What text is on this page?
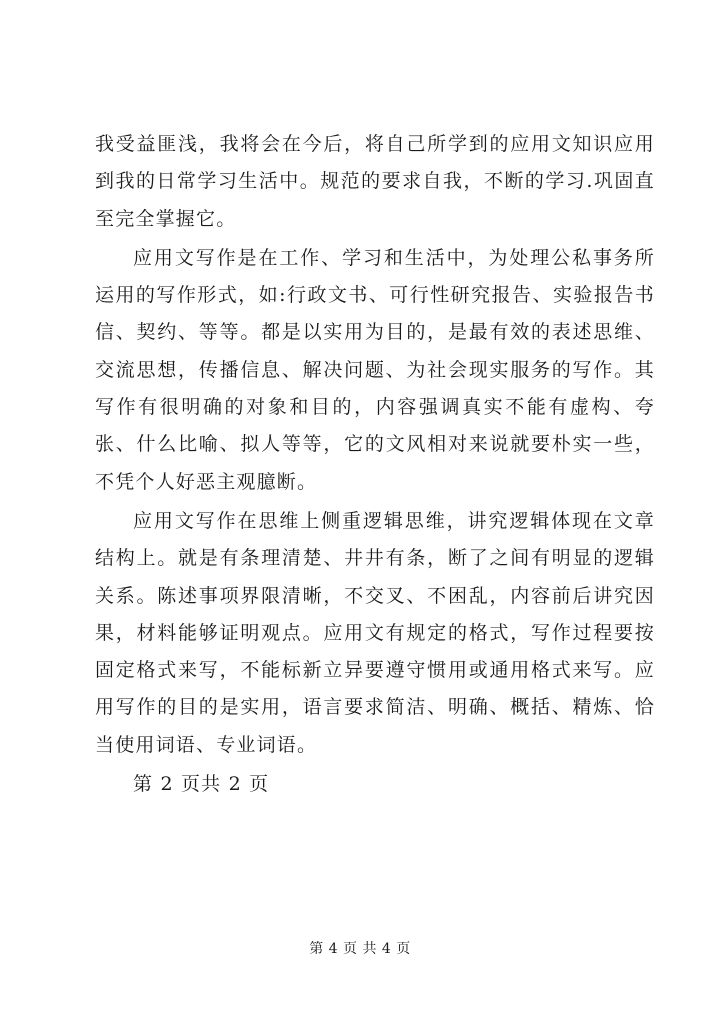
我受益匪浅，我将会在今后，将自己所学到的应用文知识应用到我的日常学习生活中。规范的要求自我，不断的学习.巩固直至完全掌握它。

应用文写作是在工作、学习和生活中，为处理公私事务所运用的写作形式，如:行政文书、可行性研究报告、实验报告书信、契约、等等。都是以实用为目的，是最有效的表述思维、交流思想，传播信息、解决问题、为社会现实服务的写作。其写作有很明确的对象和目的，内容强调真实不能有虚构、夸张、什么比喻、拟人等等，它的文风相对来说就要朴实一些，不凭个人好恶主观臆断。

应用文写作在思维上侧重逻辑思维，讲究逻辑体现在文章结构上。就是有条理清楚、井井有条，断了之间有明显的逻辑关系。陈述事项界限清晰，不交叉、不困乱，内容前后讲究因果，材料能够证明观点。应用文有规定的格式，写作过程要按固定格式来写，不能标新立异要遵守惯用或通用格式来写。应用写作的目的是实用，语言要求简洁、明确、概括、精炼、恰当使用词语、专业词语。

第 2 页共 2 页

第 4 页 共 4 页
